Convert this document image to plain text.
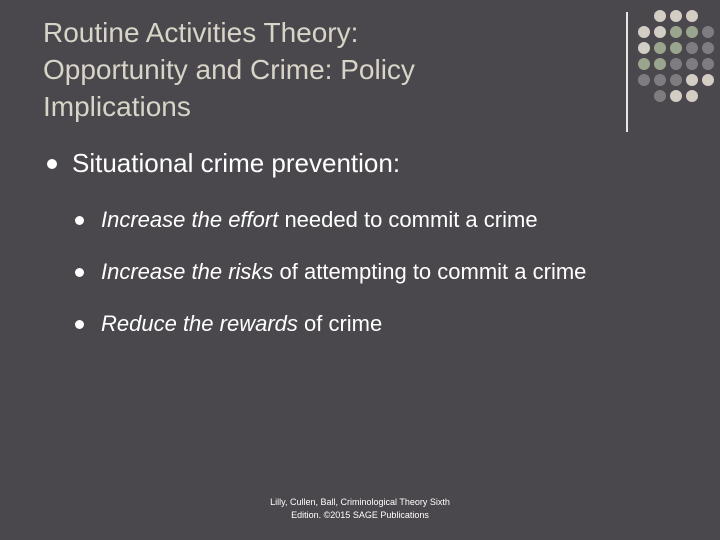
Routine Activities Theory:
Opportunity and Crime: Policy
Implications
Situational crime prevention:
Increase the effort needed to commit a crime
Increase the risks of attempting to commit a crime
Reduce the rewards of crime
Lilly, Cullen, Ball, Criminological Theory Sixth
Edition. ©2015 SAGE Publications
